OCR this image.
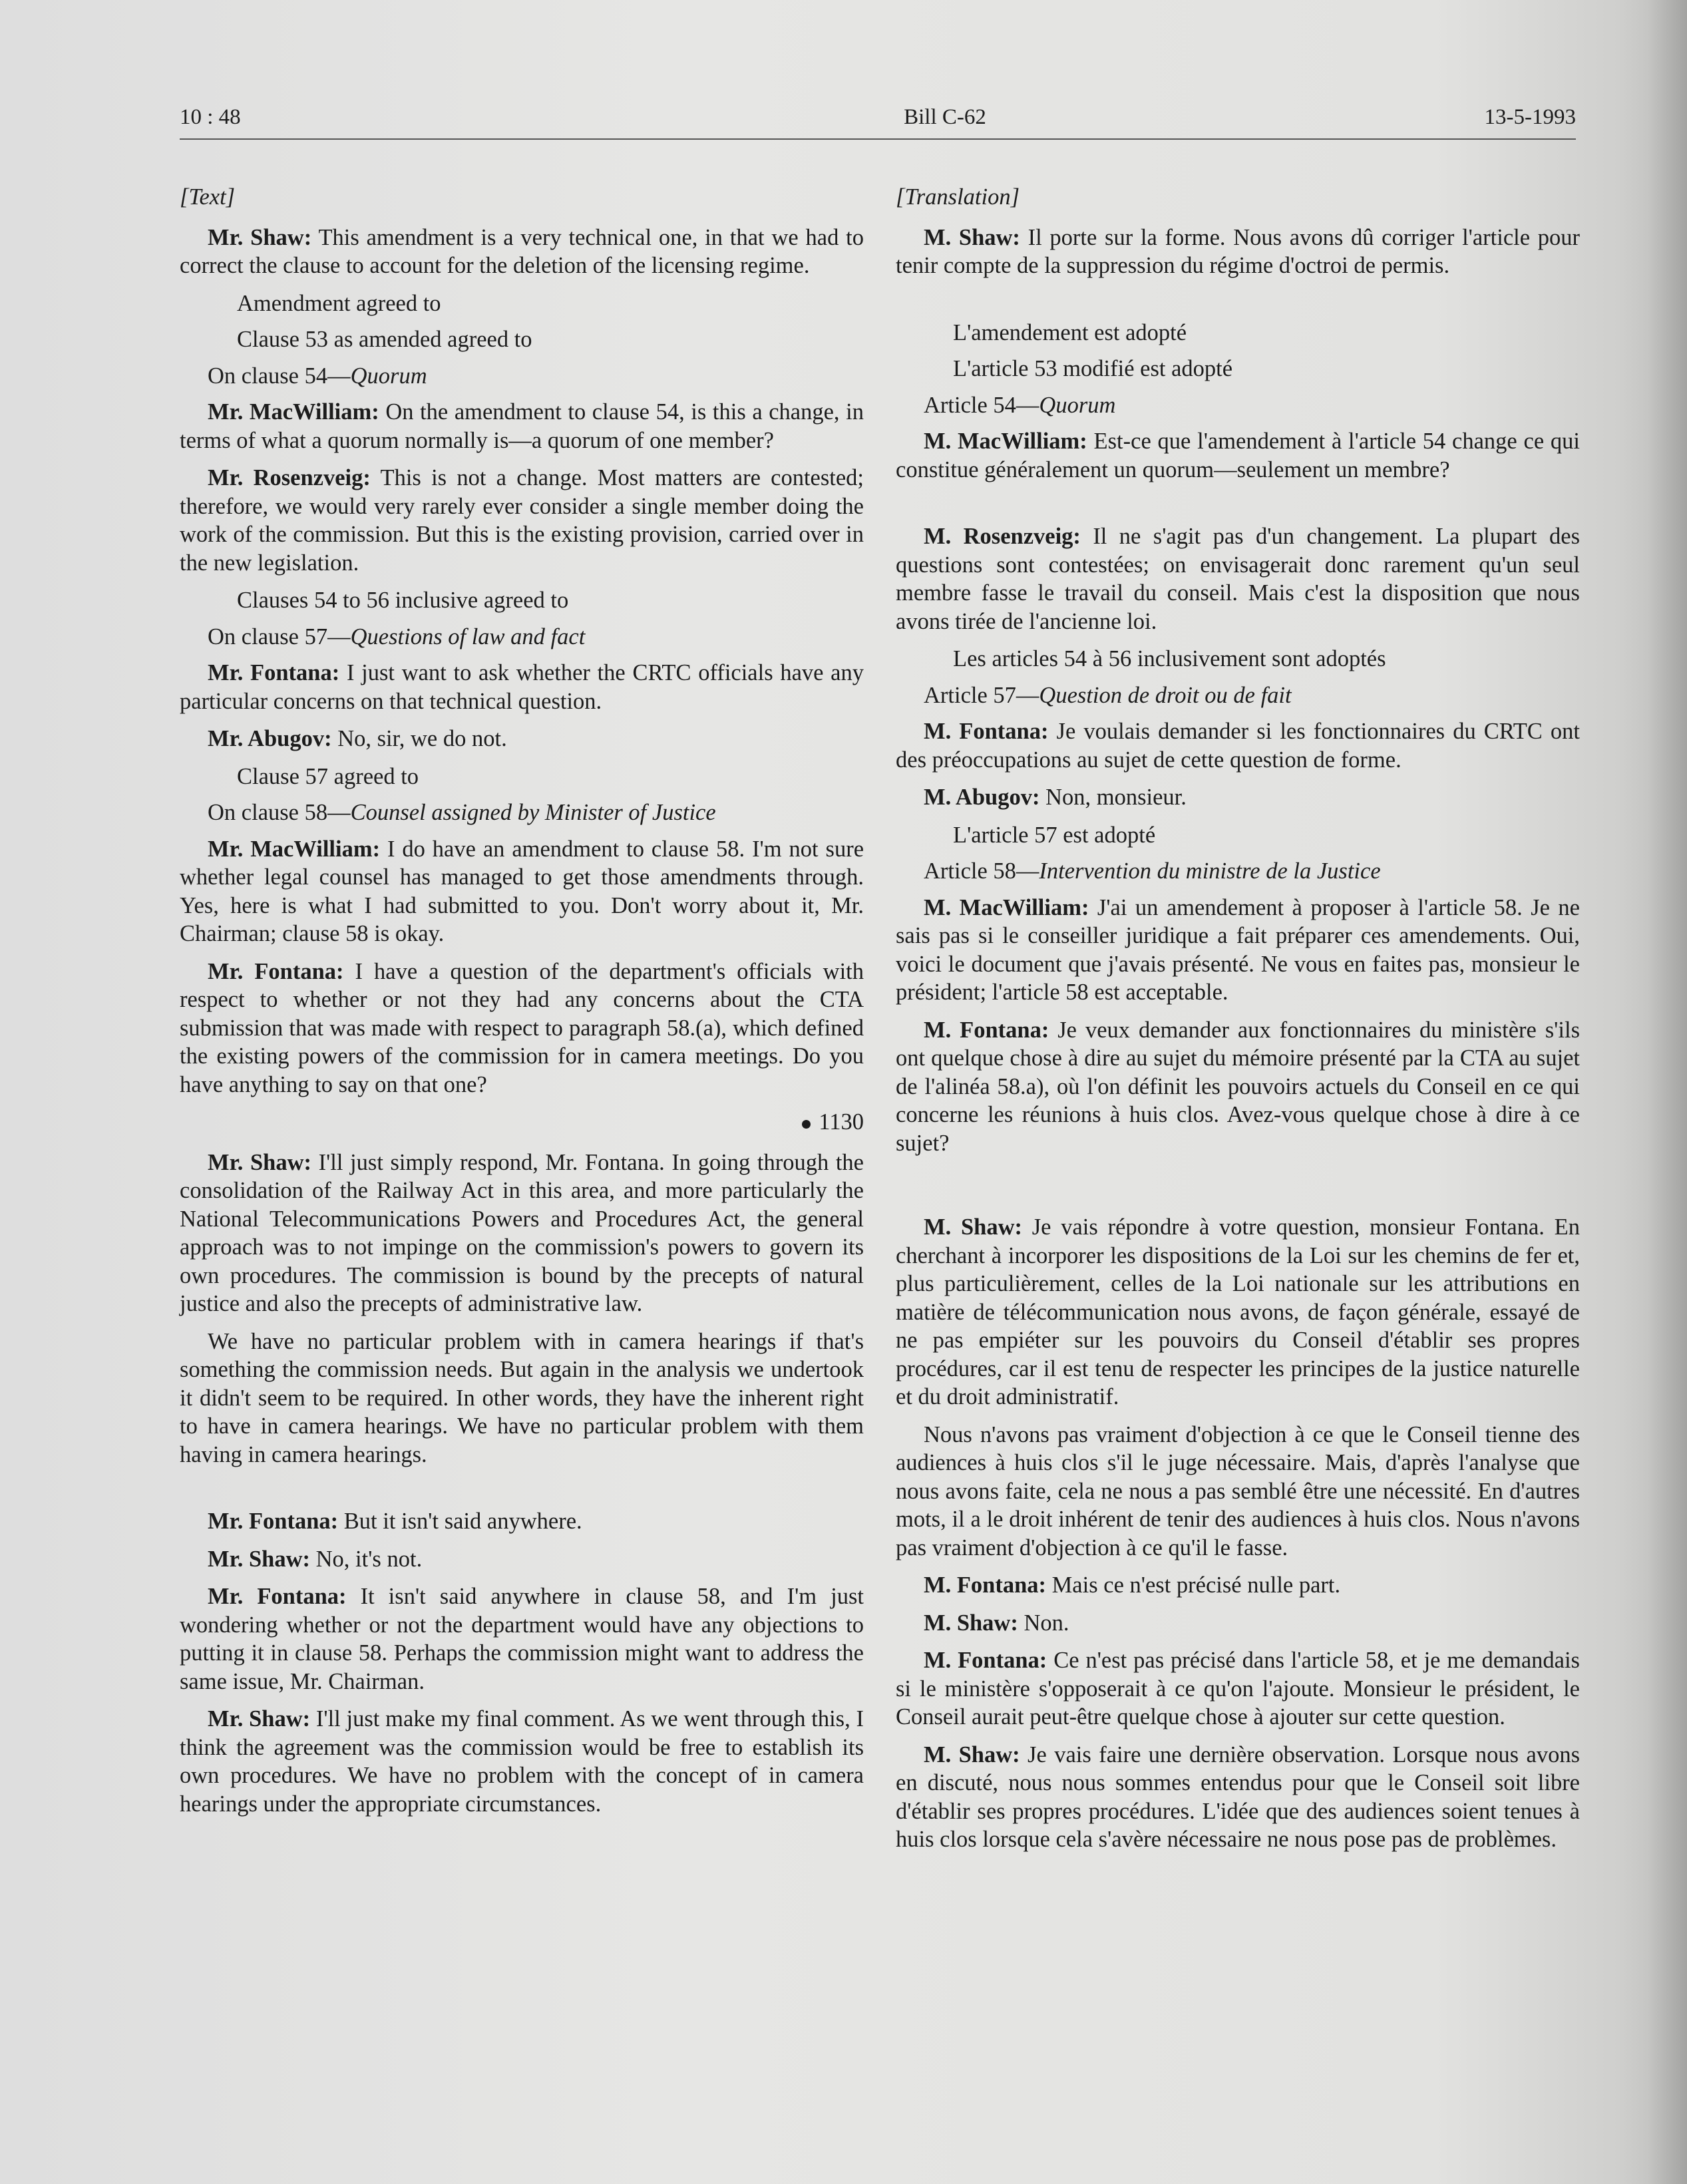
10 : 48	Bill C-62	13-5-1993
[Text]
Mr. Shaw: This amendment is a very technical one, in that we had to correct the clause to account for the deletion of the licensing regime.
Amendment agreed to
Clause 53 as amended agreed to
On clause 54—Quorum
Mr. MacWilliam: On the amendment to clause 54, is this a change, in terms of what a quorum normally is—a quorum of one member?
Mr. Rosenzveig: This is not a change. Most matters are contested; therefore, we would very rarely ever consider a single member doing the work of the commission. But this is the existing provision, carried over in the new legislation.
Clauses 54 to 56 inclusive agreed to
On clause 57—Questions of law and fact
Mr. Fontana: I just want to ask whether the CRTC officials have any particular concerns on that technical question.
Mr. Abugov: No, sir, we do not.
Clause 57 agreed to
On clause 58—Counsel assigned by Minister of Justice
Mr. MacWilliam: I do have an amendment to clause 58. I'm not sure whether legal counsel has managed to get those amendments through. Yes, here is what I had submitted to you. Don't worry about it, Mr. Chairman; clause 58 is okay.
Mr. Fontana: I have a question of the department's officials with respect to whether or not they had any concerns about the CTA submission that was made with respect to paragraph 58.(a), which defined the existing powers of the commission for in camera meetings. Do you have anything to say on that one?
1130
Mr. Shaw: I'll just simply respond, Mr. Fontana. In going through the consolidation of the Railway Act in this area, and more particularly the National Telecommunications Powers and Procedures Act, the general approach was to not impinge on the commission's powers to govern its own procedures. The commission is bound by the precepts of natural justice and also the precepts of administrative law.
We have no particular problem with in camera hearings if that's something the commission needs. But again in the analysis we undertook it didn't seem to be required. In other words, they have the inherent right to have in camera hearings. We have no particular problem with them having in camera hearings.
Mr. Fontana: But it isn't said anywhere.
Mr. Shaw: No, it's not.
Mr. Fontana: It isn't said anywhere in clause 58, and I'm just wondering whether or not the department would have any objections to putting it in clause 58. Perhaps the commission might want to address the same issue, Mr. Chairman.
Mr. Shaw: I'll just make my final comment. As we went through this, I think the agreement was the commission would be free to establish its own procedures. We have no problem with the concept of in camera hearings under the appropriate circumstances.
[Translation]
M. Shaw: Il porte sur la forme. Nous avons dû corriger l'article pour tenir compte de la suppression du régime d'octroi de permis.
L'amendement est adopté
L'article 53 modifié est adopté
Article 54—Quorum
M. MacWilliam: Est-ce que l'amendement à l'article 54 change ce qui constitue généralement un quorum—seulement un membre?
M. Rosenzveig: Il ne s'agit pas d'un changement. La plupart des questions sont contestées; on envisagerait donc rarement qu'un seul membre fasse le travail du conseil. Mais c'est la disposition que nous avons tirée de l'ancienne loi.
Les articles 54 à 56 inclusivement sont adoptés
Article 57—Question de droit ou de fait
M. Fontana: Je voulais demander si les fonctionnaires du CRTC ont des préoccupations au sujet de cette question de forme.
M. Abugov: Non, monsieur.
L'article 57 est adopté
Article 58—Intervention du ministre de la Justice
M. MacWilliam: J'ai un amendement à proposer à l'article 58. Je ne sais pas si le conseiller juridique a fait préparer ces amendements. Oui, voici le document que j'avais présenté. Ne vous en faites pas, monsieur le président; l'article 58 est acceptable.
M. Fontana: Je veux demander aux fonctionnaires du ministère s'ils ont quelque chose à dire au sujet du mémoire présenté par la CTA au sujet de l'alinéa 58.a), où l'on définit les pouvoirs actuels du Conseil en ce qui concerne les réunions à huis clos. Avez-vous quelque chose à dire à ce sujet?
M. Shaw: Je vais répondre à votre question, monsieur Fontana. En cherchant à incorporer les dispositions de la Loi sur les chemins de fer et, plus particulièrement, celles de la Loi nationale sur les attributions en matière de télécommunication nous avons, de façon générale, essayé de ne pas empiéter sur les pouvoirs du Conseil d'établir ses propres procédures, car il est tenu de respecter les principes de la justice naturelle et du droit administratif.
Nous n'avons pas vraiment d'objection à ce que le Conseil tienne des audiences à huis clos s'il le juge nécessaire. Mais, d'après l'analyse que nous avons faite, cela ne nous a pas semblé être une nécessité. En d'autres mots, il a le droit inhérent de tenir des audiences à huis clos. Nous n'avons pas vraiment d'objection à ce qu'il le fasse.
M. Fontana: Mais ce n'est précisé nulle part.
M. Shaw: Non.
M. Fontana: Ce n'est pas précisé dans l'article 58, et je me demandais si le ministère s'opposerait à ce qu'on l'ajoute. Monsieur le président, le Conseil aurait peut-être quelque chose à ajouter sur cette question.
M. Shaw: Je vais faire une dernière observation. Lorsque nous avons en discuté, nous nous sommes entendus pour que le Conseil soit libre d'établir ses propres procédures. L'idée que des audiences soient tenues à huis clos lorsque cela s'avère nécessaire ne nous pose pas de problèmes.
